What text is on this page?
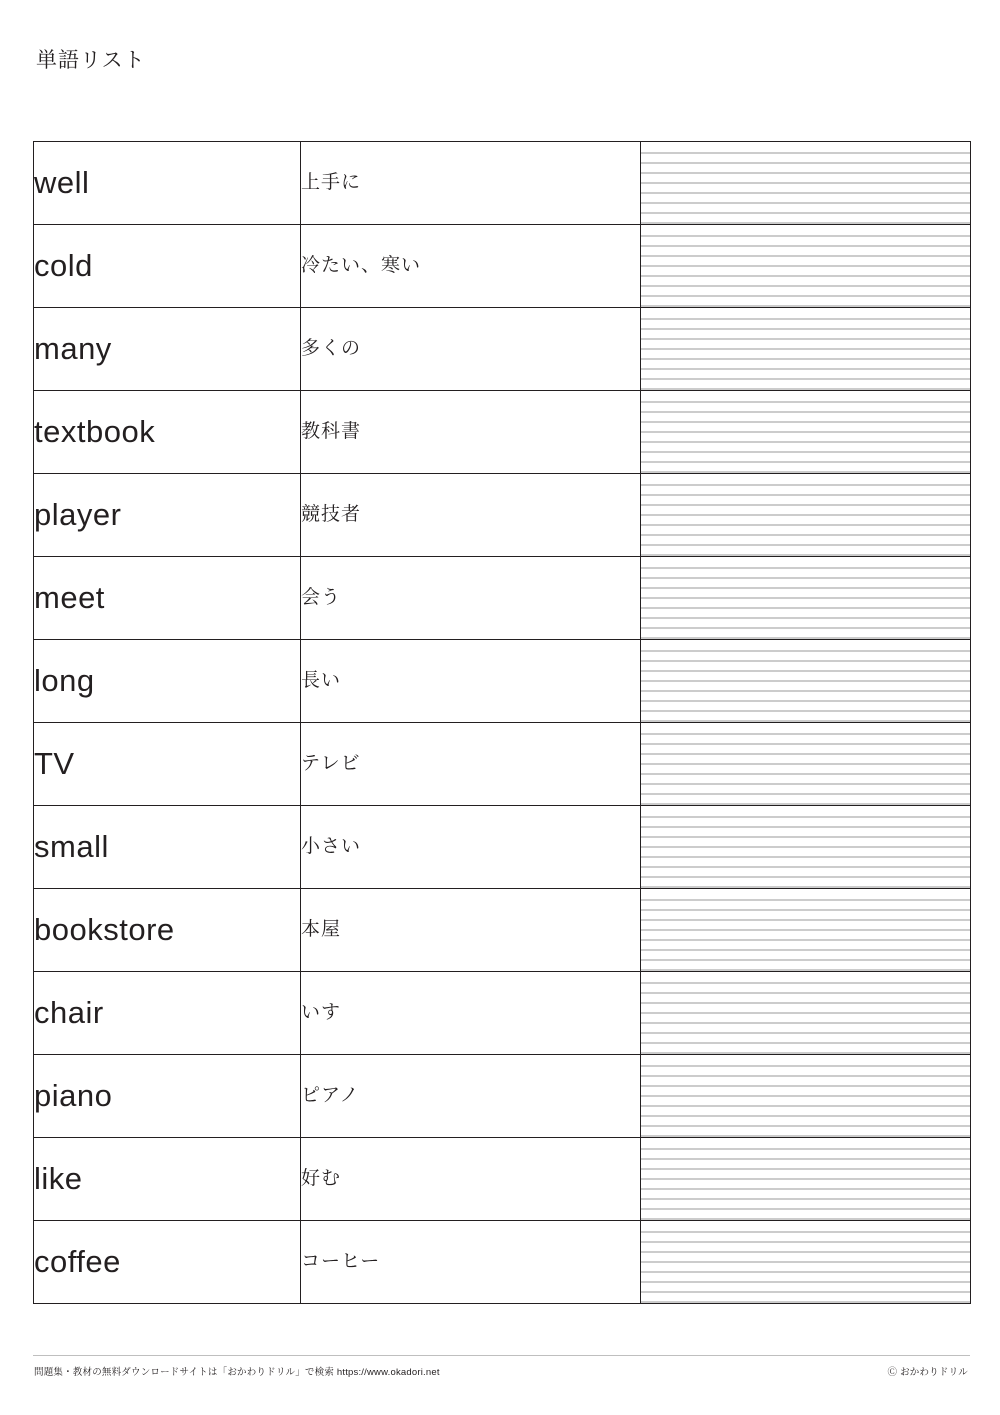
単語リスト
well	上手に	
cold	冷たい、寒い	
many	多くの	
textbook	教科書	
player	競技者	
meet	会う	
long	長い	
TV	テレビ	
small	小さい	
bookstore	本屋	
chair	いす	
piano	ピアノ	
like	好む	
coffee	コーヒー	
問題集・教材の無料ダウンロードサイトは「おかわりドリル」で検索 https://www.okadori.net	Ⓒ おかわりドリル
